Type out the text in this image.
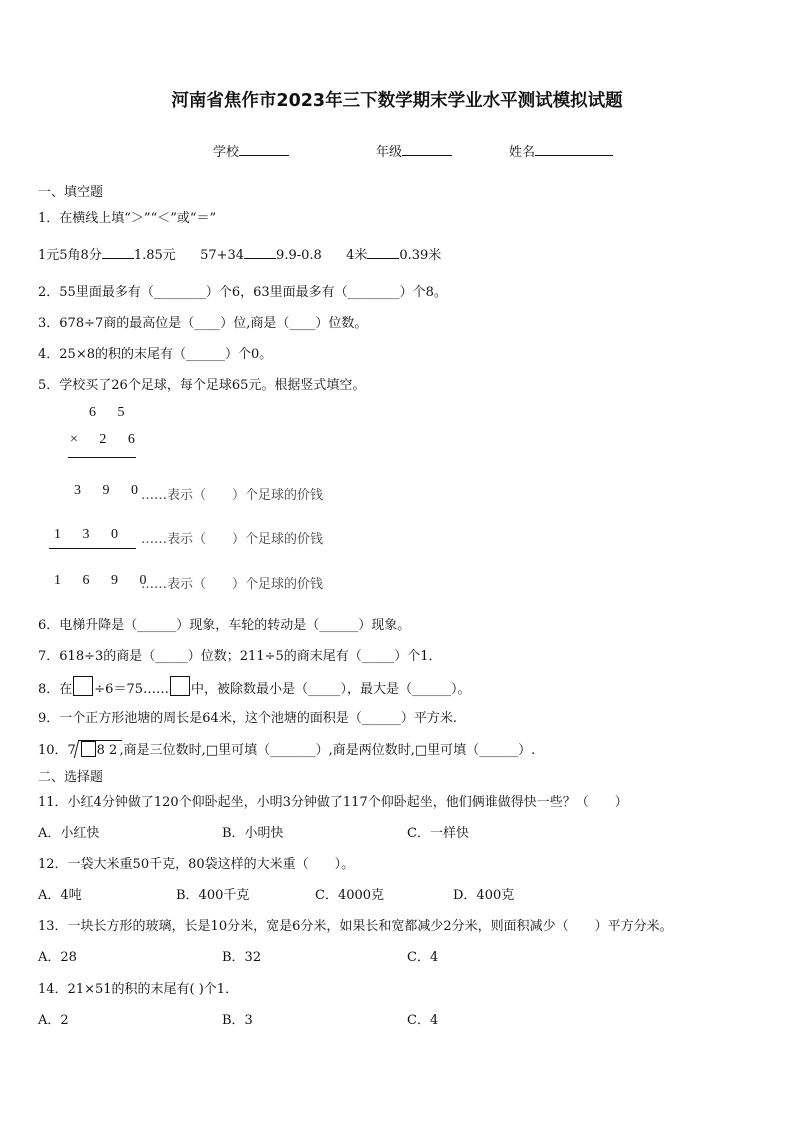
河南省焦作市2023年三下数学期末学业水平测试模拟试题
学校	年级	姓名
一、填空题
1．在横线上填“＞”“＜”或“＝”
1元5角8分 1.85元 57+34 9.9-0.8 4米 0.39米
2．55里面最多有（________）个6，63里面最多有（________）个8。
3．678÷7商的最高位是（____）位,商是（____）位数。
4．25×8的积的末尾有（______）个0。
5．学校买了26个足球，每个足球65元。根据竖式填空。
6 5
× 2 6
3 9 0
……表示（　　）个足球的价钱
1 3 0 ……表示（　　）个足球的价钱
1 6 9 0
……表示（　　）个足球的价钱
6．电梯升降是（______）现象，车轮的转动是（______）现象。
7．618÷3的商是（_____）位数；211÷5的商末尾有（_____）个1．
8．在 ÷6＝75…… 中，被除数最小是（_____），最大是（______）。
9．一个正方形池塘的周长是64米，这个池塘的面积是（______）平方米.
10．7 8 2 ,商是三位数时,□里可填（_______）,商是两位数时,□里可填（______）.
二、选择题
11．小红4分钟做了120个仰卧起坐，小明3分钟做了117个仰卧起坐，他们俩谁做得快一些？（　　）
A．小红快	B．小明快	C．一样快
12．一袋大米重50千克，80袋这样的大米重（　　）。
A．4吨	B．400千克	C．4000克	D．400克
13．一块长方形的玻璃，长是10分米，宽是6分米，如果长和宽都减少2分米，则面积减少（　　）平方分米。
A．28	B．32	C．4
14．21×51的积的末尾有( )个1．
A．2	B．3	C．4
